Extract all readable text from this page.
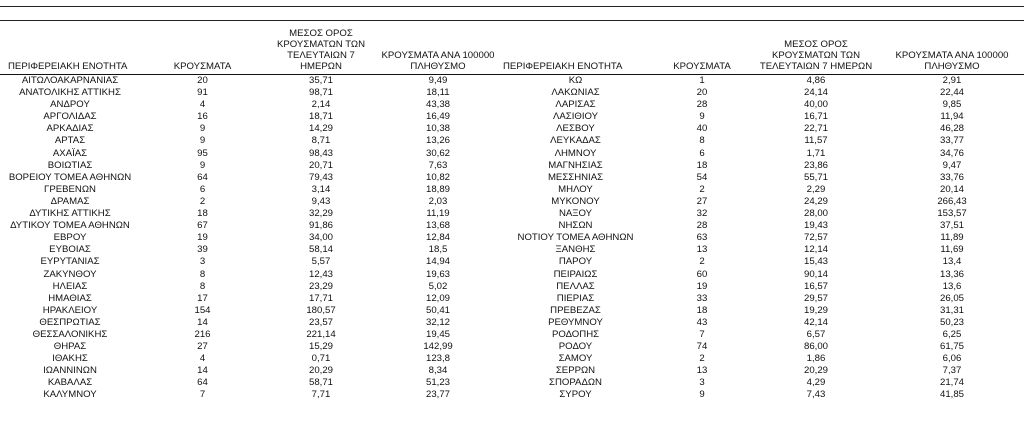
ΠΕΡΙΦΕΡΕΙΑΚΗ ΕΝΟΤΗΤΑ	ΚΡΟΥΣΜΑΤΑ	ΜΕΣΟΣ ΟΡΟΣ ΚΡΟΥΣΜΑΤΩΝ ΤΩΝ ΤΕΛΕΥΤΑΙΩΝ 7 ΗΜΕΡΩΝ	ΚΡΟΥΣΜΑΤΑ ΑΝΑ 100000 ΠΛΗΘΥΣΜΟ	ΠΕΡΙΦΕΡΕΙΑΚΗ ΕΝΟΤΗΤΑ	ΚΡΟΥΣΜΑΤΑ	ΜΕΣΟΣ ΟΡΟΣ ΚΡΟΥΣΜΑΤΩΝ ΤΩΝ ΤΕΛΕΥΤΑΙΩΝ 7 ΗΜΕΡΩΝ	ΚΡΟΥΣΜΑΤΑ ΑΝΑ 100000 ΠΛΗΘΥΣΜΟ
ΑΙΤΩΛΟΑΚΑΡΝΑΝΙΑΣ	20	35,71	9,49	ΚΩ	1	4,86	2,91
ΑΝΑΤΟΛΙΚΗΣ ΑΤΤΙΚΗΣ	91	98,71	18,11	ΛΑΚΩΝΙΑΣ	20	24,14	22,44
ΑΝΔΡΟΥ	4	2,14	43,38	ΛΑΡΙΣΑΣ	28	40,00	9,85
ΑΡΓΟΛΙΔΑΣ	16	18,71	16,49	ΛΑΣΙΘΙΟΥ	9	16,71	11,94
ΑΡΚΑΔΙΑΣ	9	14,29	10,38	ΛΕΣΒΟΥ	40	22,71	46,28
ΑΡΤΑΣ	9	8,71	13,26	ΛΕΥΚΑΔΑΣ	8	11,57	33,77
ΑΧΑΪΑΣ	95	98,43	30,62	ΛΗΜΝΟΥ	6	1,71	34,76
ΒΟΙΩΤΙΑΣ	9	20,71	7,63	ΜΑΓΝΗΣΙΑΣ	18	23,86	9,47
ΒΟΡΕΙΟΥ ΤΟΜΕΑ ΑΘΗΝΩΝ	64	79,43	10,82	ΜΕΣΣΗΝΙΑΣ	54	55,71	33,76
ΓΡΕΒΕΝΩΝ	6	3,14	18,89	ΜΗΛΟΥ	2	2,29	20,14
ΔΡΑΜΑΣ	2	9,43	2,03	ΜΥΚΟΝΟΥ	27	24,29	266,43
ΔΥΤΙΚΗΣ ΑΤΤΙΚΗΣ	18	32,29	11,19	ΝΑΞΟΥ	32	28,00	153,57
ΔΥΤΙΚΟΥ ΤΟΜΕΑ ΑΘΗΝΩΝ	67	91,86	13,68	ΝΗΣΩΝ	28	19,43	37,51
ΕΒΡΟΥ	19	34,00	12,84	ΝΟΤΙΟΥ ΤΟΜΕΑ ΑΘΗΝΩΝ	63	72,57	11,89
ΕΥΒΟΙΑΣ	39	58,14	18,5	ΞΑΝΘΗΣ	13	12,14	11,69
ΕΥΡΥΤΑΝΙΑΣ	3	5,57	14,94	ΠΑΡΟΥ	2	15,43	13,4
ΖΑΚΥΝΘΟΥ	8	12,43	19,63	ΠΕΙΡΑΙΩΣ	60	90,14	13,36
ΗΛΕΙΑΣ	8	23,29	5,02	ΠΕΛΛΑΣ	19	16,57	13,6
ΗΜΑΘΙΑΣ	17	17,71	12,09	ΠΙΕΡΙΑΣ	33	29,57	26,05
ΗΡΑΚΛΕΙΟΥ	154	180,57	50,41	ΠΡΕΒΕΖΑΣ	18	19,29	31,31
ΘΕΣΠΡΩΤΙΑΣ	14	23,57	32,12	ΡΕΘΥΜΝΟΥ	43	42,14	50,23
ΘΕΣΣΑΛΟΝΙΚΗΣ	216	221,14	19,45	ΡΟΔΟΠΗΣ	7	6,57	6,25
ΘΗΡΑΣ	27	15,29	142,99	ΡΟΔΟΥ	74	86,00	61,75
ΙΘΑΚΗΣ	4	0,71	123,8	ΣΑΜΟΥ	2	1,86	6,06
ΙΩΑΝΝΙΝΩΝ	14	20,29	8,34	ΣΕΡΡΩΝ	13	20,29	7,37
ΚΑΒΑΛΑΣ	64	58,71	51,23	ΣΠΟΡΑΔΩΝ	3	4,29	21,74
ΚΑΛΥΜΝΟΥ	7	7,71	23,77	ΣΥΡΟΥ	9	7,43	41,85
